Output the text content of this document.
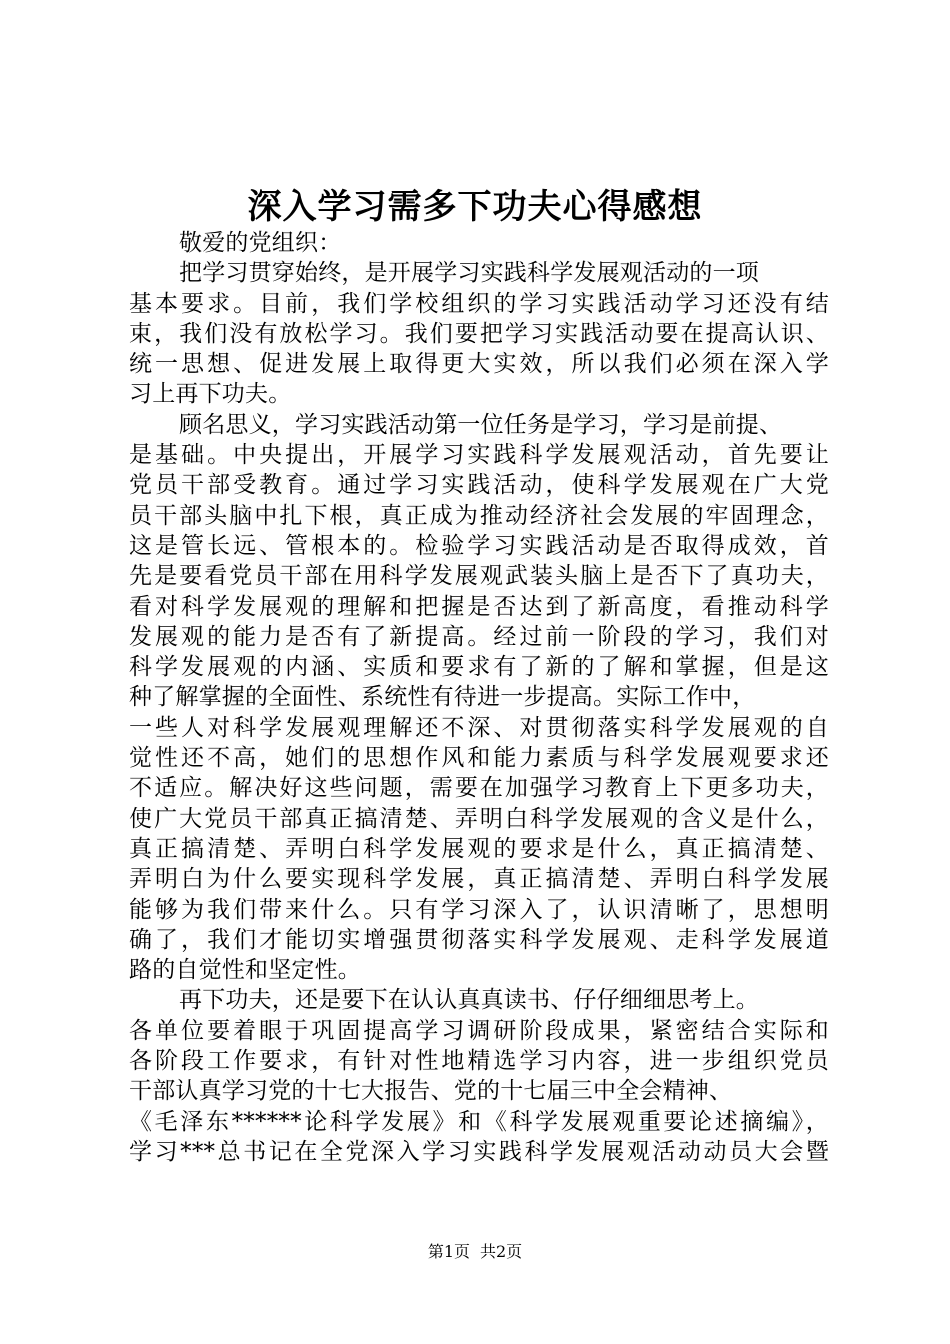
深入学习需多下功夫心得感想
敬爱的党组织：
把学习贯穿始终，是开展学习实践科学发展观活动的一项
基本要求。目前，我们学校组织的学习实践活动学习还没有结
束，我们没有放松学习。我们要把学习实践活动要在提高认识、
统一思想、促进发展上取得更大实效，所以我们必须在深入学
习上再下功夫。
顾名思义，学习实践活动第一位任务是学习，学习是前提、
是基础。中央提出，开展学习实践科学发展观活动，首先要让
党员干部受教育。通过学习实践活动，使科学发展观在广大党
员干部头脑中扎下根，真正成为推动经济社会发展的牢固理念，
这是管长远、管根本的。检验学习实践活动是否取得成效，首
先是要看党员干部在用科学发展观武装头脑上是否下了真功夫，
看对科学发展观的理解和把握是否达到了新高度，看推动科学
发展观的能力是否有了新提高。经过前一阶段的学习，我们对
科学发展观的内涵、实质和要求有了新的了解和掌握，但是这
种了解掌握的全面性、系统性有待进一步提高。实际工作中，
一些人对科学发展观理解还不深、对贯彻落实科学发展观的自
觉性还不高，她们的思想作风和能力素质与科学发展观要求还
不适应。解决好这些问题，需要在加强学习教育上下更多功夫，
使广大党员干部真正搞清楚、弄明白科学发展观的含义是什么，
真正搞清楚、弄明白科学发展观的要求是什么，真正搞清楚、
弄明白为什么要实现科学发展，真正搞清楚、弄明白科学发展
能够为我们带来什么。只有学习深入了，认识清晰了，思想明
确了，我们才能切实增强贯彻落实科学发展观、走科学发展道
路的自觉性和坚定性。
再下功夫，还是要下在认认真真读书、仔仔细细思考上。
各单位要着眼于巩固提高学习调研阶段成果，紧密结合实际和
各阶段工作要求，有针对性地精选学习内容，进一步组织党员
干部认真学习党的十七大报告、党的十七届三中全会精神、
《毛泽东******论科学发展》和《科学发展观重要论述摘编》，
学习***总书记在全党深入学习实践科学发展观活动动员大会暨
第1页 共2页
